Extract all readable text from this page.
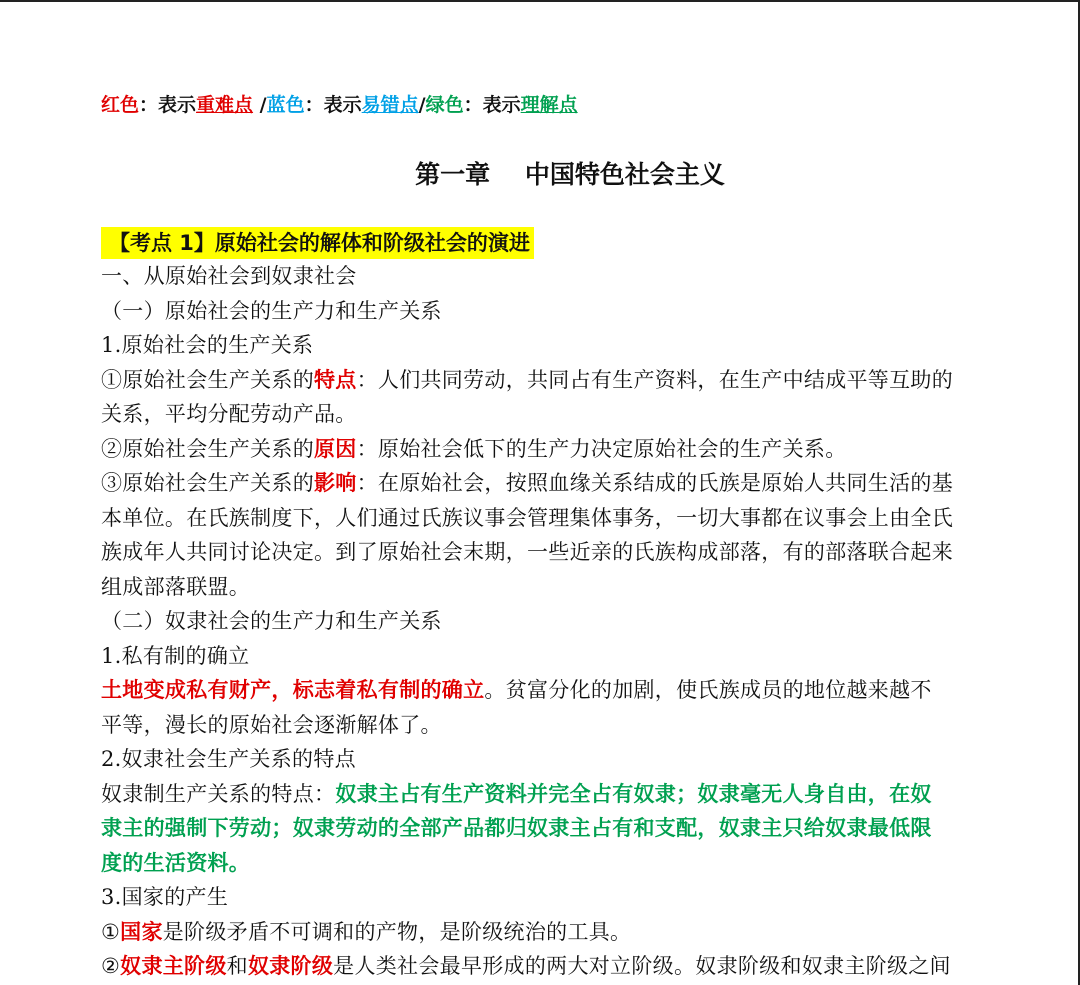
红色：表示重难点 /蓝色：表示易错点/绿色：表示理解点
第一章    中国特色社会主义
【考点 1】原始社会的解体和阶级社会的演进

一、从原始社会到奴隶社会

（一）原始社会的生产力和生产关系

1.原始社会的生产关系

①原始社会生产关系的特点：人们共同劳动，共同占有生产资料，在生产中结成平等互助的

关系，平均分配劳动产品。

②原始社会生产关系的原因：原始社会低下的生产力决定原始社会的生产关系。

③原始社会生产关系的影响：在原始社会，按照血缘关系结成的氏族是原始人共同生活的基

本单位。在氏族制度下，人们通过氏族议事会管理集体事务，一切大事都在议事会上由全氏

族成年人共同讨论决定。到了原始社会末期，一些近亲的氏族构成部落，有的部落联合起来

组成部落联盟。

（二）奴隶社会的生产力和生产关系

1.私有制的确立

土地变成私有财产，标志着私有制的确立。贫富分化的加剧，使氏族成员的地位越来越不

平等，漫长的原始社会逐渐解体了。

2.奴隶社会生产关系的特点

奴隶制生产关系的特点：奴隶主占有生产资料并完全占有奴隶；奴隶毫无人身自由，在奴

隶主的强制下劳动；奴隶劳动的全部产品都归奴隶主占有和支配，奴隶主只给奴隶最低限

度的生活资料。

3.国家的产生

①国家是阶级矛盾不可调和的产物，是阶级统治的工具。

②奴隶主阶级和奴隶阶级是人类社会最早形成的两大对立阶级。奴隶阶级和奴隶主阶级之间
